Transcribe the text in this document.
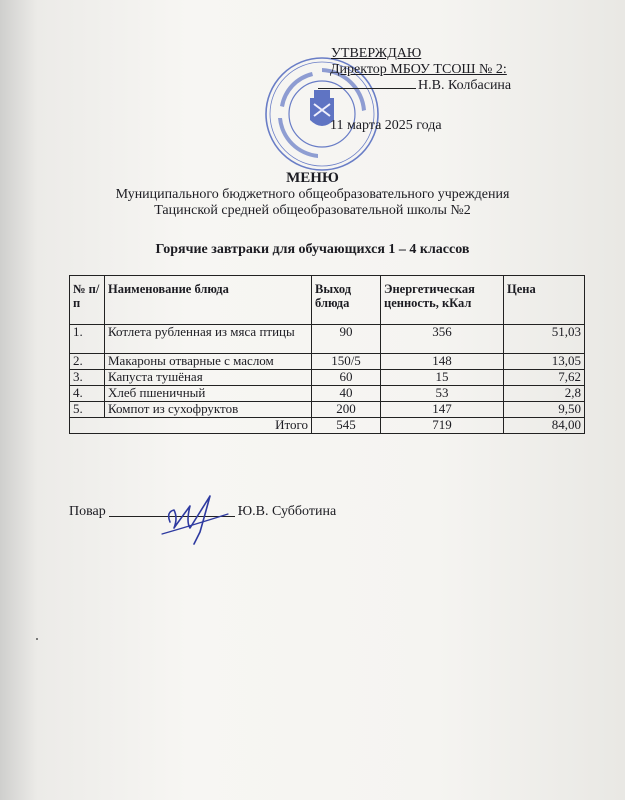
УТВЕРЖДАЮ
Директор МБОУ ТСОШ № 2:
Н.В. Колбасина
11 марта 2025 года
МЕНЮ
Муниципального бюджетного общеобразовательного учреждения
Тацинской средней общеобразовательной школы №2
Горячие завтраки для обучающихся 1 – 4 классов
№ п/п	Наименование блюда	Выход блюда	Энергетическая ценность, кКал	Цена
1.	Котлета рубленная из мяса птицы	90	356	51,03
2.	Макароны отварные с маслом	150/5	148	13,05
3.	Капуста тушёная	60	15	7,62
4.	Хлеб пшеничный	40	53	2,8
5.	Компот из сухофруктов	200	147	9,50
Итого		545	719	84,00
Повар	Ю.В. Субботина
